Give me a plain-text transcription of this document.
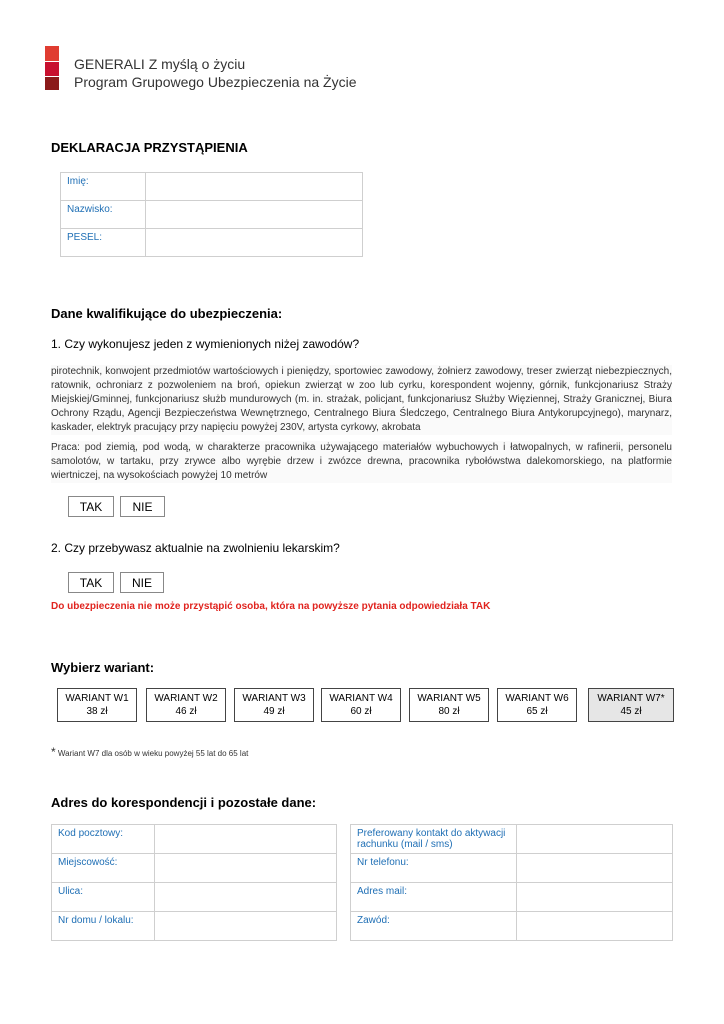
GENERALI Z myślą o życiu
Program Grupowego Ubezpieczenia na Życie
DEKLARACJA PRZYSTĄPIENIA
Imię:	
Nazwisko:	
PESEL:	
Dane kwalifikujące do ubezpieczenia:
1. Czy wykonujesz jeden z wymienionych niżej zawodów?
pirotechnik, konwojent przedmiotów wartościowych i pieniędzy, sportowiec zawodowy, żołnierz zawodowy, treser zwierząt niebezpiecznych, ratownik, ochroniarz z pozwoleniem na broń, opiekun zwierząt w zoo lub cyrku, korespondent wojenny, górnik, funkcjonariusz Straży Miejskiej/Gminnej, funkcjonariusz służb mundurowych (m. in. strażak, policjant, funkcjonariusz Służby Więziennej, Straży Granicznej, Biura Ochrony Rządu, Agencji Bezpieczeństwa Wewnętrznego, Centralnego Biura Śledczego, Centralnego Biura Antykorupcyjnego), marynarz, kaskader, elektryk pracujący przy napięciu powyżej 230V, artysta cyrkowy, akrobata
Praca: pod ziemią, pod wodą, w charakterze pracownika używającego materiałów wybuchowych i łatwopalnych, w rafinerii, personelu samolotów, w tartaku, przy zrywce albo wyrębie drzew i zwózce drewna, pracownika rybołówstwa dalekomorskiego, na platformie wiertniczej, na wysokościach powyżej 10 metrów
TAK	NIE
2. Czy przebywasz aktualnie na zwolnieniu lekarskim?
TAK	NIE
Do ubezpieczenia nie może przystąpić osoba, która na powyższe pytania odpowiedziała TAK
Wybierz wariant:
WARIANT W1
38 zł
WARIANT W2
46 zł
WARIANT W3
49 zł
WARIANT W4
60 zł
WARIANT W5
80 zł
WARIANT W6
65 zł
WARIANT W7*
45 zł
* Wariant W7 dla osób w wieku powyżej 55 lat do 65 lat
Adres do korespondencji i pozostałe dane:
Kod pocztowy:	
Miejscowość:	
Ulica:	
Nr domu / lokalu:	
Preferowany kontakt do aktywacji rachunku (mail / sms)	
Nr telefonu:	
Adres mail:	
Zawód:	
